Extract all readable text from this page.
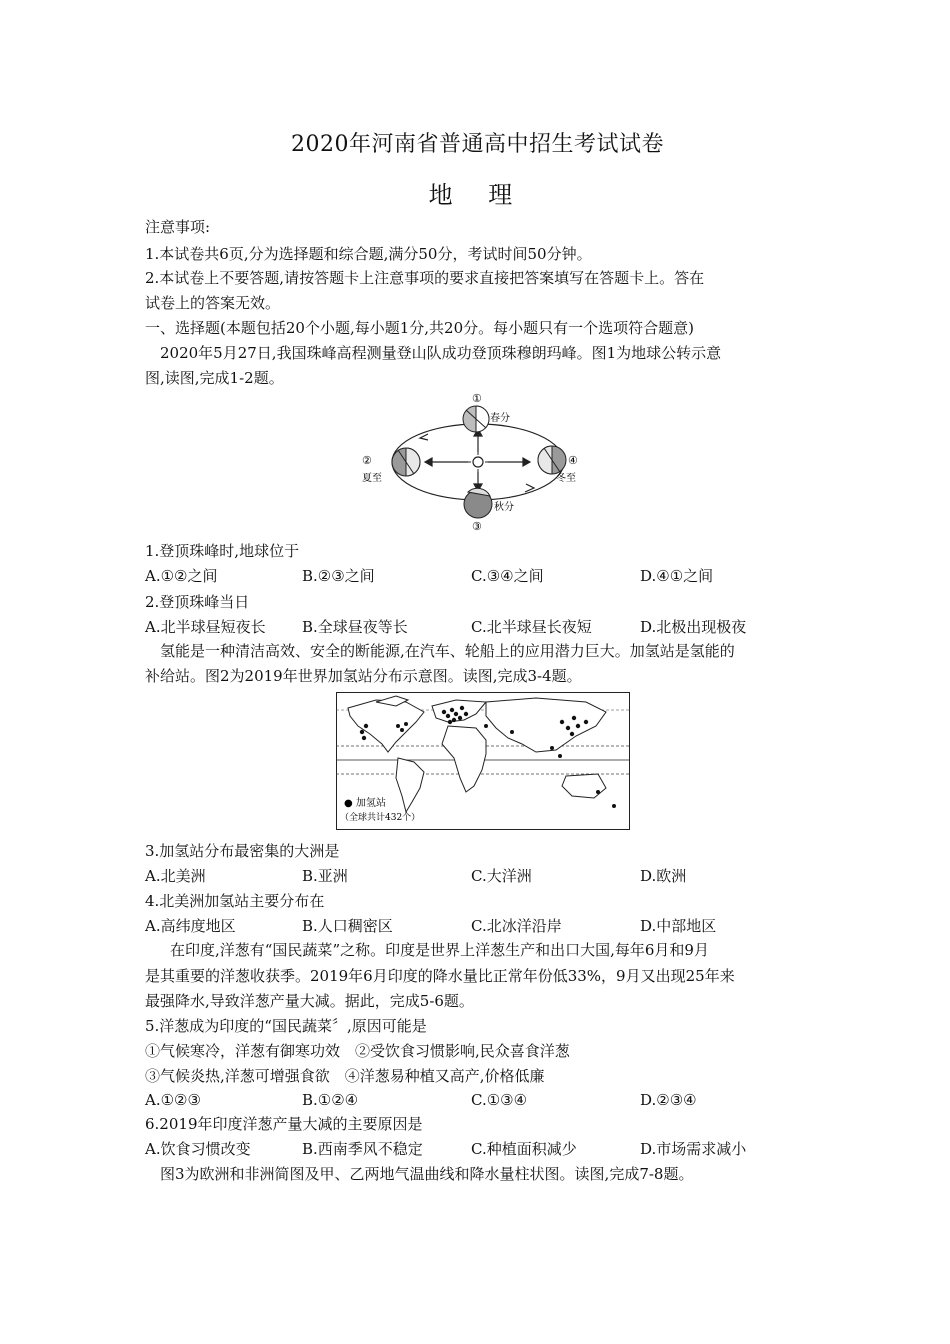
2020年河南省普通高中招生考试试卷
地 理
注意事项:
1.本试卷共6页,分为选择题和综合题,满分50分，考试时间50分钟。
2.本试卷上不要答题,请按答题卡上注意事项的要求直接把答案填写在答题卡上。答在
试卷上的答案无效。
一、选择题(本题包括20个小题,每小题1分,共20分。每小题只有一个选项符合题意)
2020年5月27日,我国珠峰高程测量登山队成功登顶珠穆朗玛峰。图1为地球公转示意
图,读图,完成1-2题。
①
春分
②
夏至
秋分
③
④
冬至
1.登顶珠峰时,地球位于
A.①②之间	B.②③之间	C.③④之间	D.④①之间
2.登顶珠峰当日
A.北半球昼短夜长 B.全球昼夜等长	C.北半球昼长夜短	D.北极出现极夜
氢能是一种清洁高效、安全的断能源,在汽车、轮船上的应用潜力巨大。加氢站是氢能的
补给站。图2为2019年世界加氢站分布示意图。读图,完成3-4题。
● 加氢站
（全球共计432个）
3.加氢站分布最密集的大洲是
A.北美洲	B.亚洲	C.大洋洲	D.欧洲
4.北美洲加氢站主要分布在
A.高纬度地区	B.人口稠密区	C.北冰洋沿岸	D.中部地区
在印度,洋葱有“国民蔬菜”之称。印度是世界上洋葱生产和出口大国,每年6月和9月
是其重要的洋葱收获季。2019年6月印度的降水量比正常年份低33%，9月又出现25年来
最强降水,导致洋葱产量大减。据此，完成5-6题。
5.洋葱成为印度的“国民蔬菜〞,原因可能是
①气候寒冷，洋葱有御寒功效　②受饮食习惯影响,民众喜食洋葱
③气候炎热,洋葱可增强食欲　④洋葱易种植又高产,价格低廉
A.①②③	B.①②④	C.①③④	D.②③④
6.2019年印度洋葱产量大减的主要原因是
A.饮食习惯改变	B.西南季风不稳定	C.种植面积减少	D.市场需求减小
图3为欧洲和非洲简图及甲、乙两地气温曲线和降水量柱状图。读图,完成7-8题。
